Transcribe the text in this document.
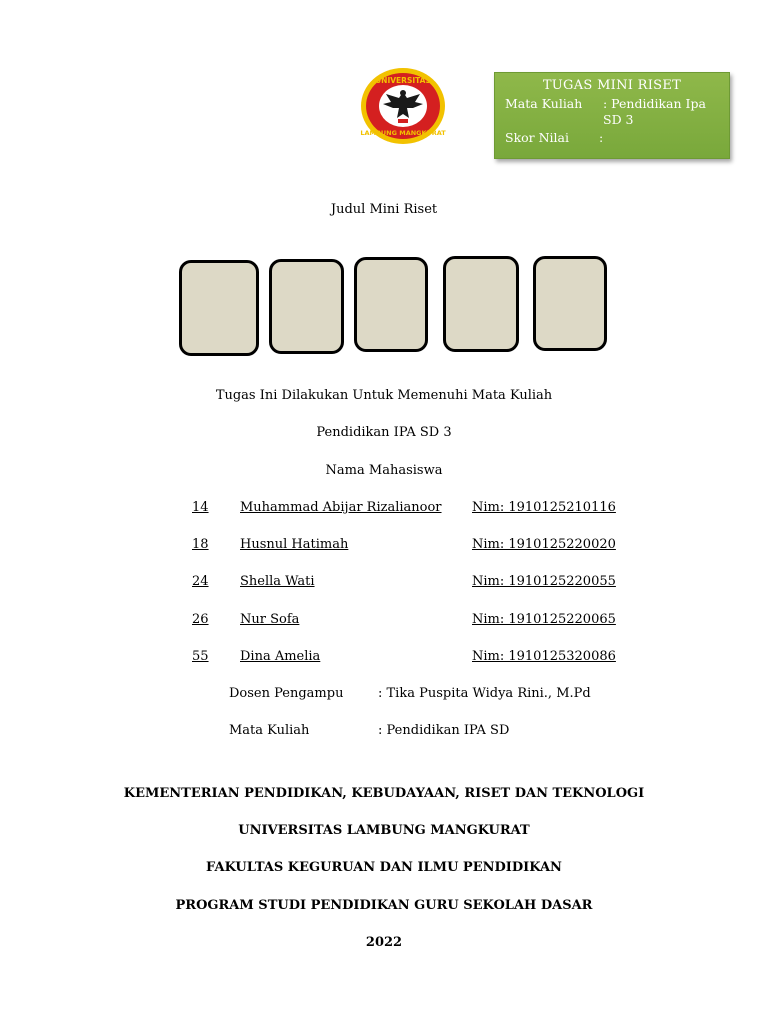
UNIVERSITAS
LAMBUNG MANGKURAT
TUGAS MINI RISET
Mata Kuliah : Pendidikan Ipa
SD 3
Skor Nilai :
Judul Mini Riset
Tugas Ini Dilakukan Untuk Memenuhi Mata Kuliah
Pendidikan IPA SD 3
Nama Mahasiswa
14 Muhammad Abijar Rizalianoor Nim: 1910125210116
18 Husnul Hatimah	Nim: 1910125220020
24 Shella Wati	Nim: 1910125220055
26 Nur Sofa	Nim: 1910125220065
55 Dina Amelia	Nim: 1910125320086
Dosen Pengampu	: Tika Puspita Widya Rini., M.Pd
Mata Kuliah	: Pendidikan IPA SD
KEMENTERIAN PENDIDIKAN, KEBUDAYAAN, RISET DAN TEKNOLOGI
UNIVERSITAS LAMBUNG MANGKURAT
FAKULTAS KEGURUAN DAN ILMU PENDIDIKAN
PROGRAM STUDI PENDIDIKAN GURU SEKOLAH DASAR
2022
